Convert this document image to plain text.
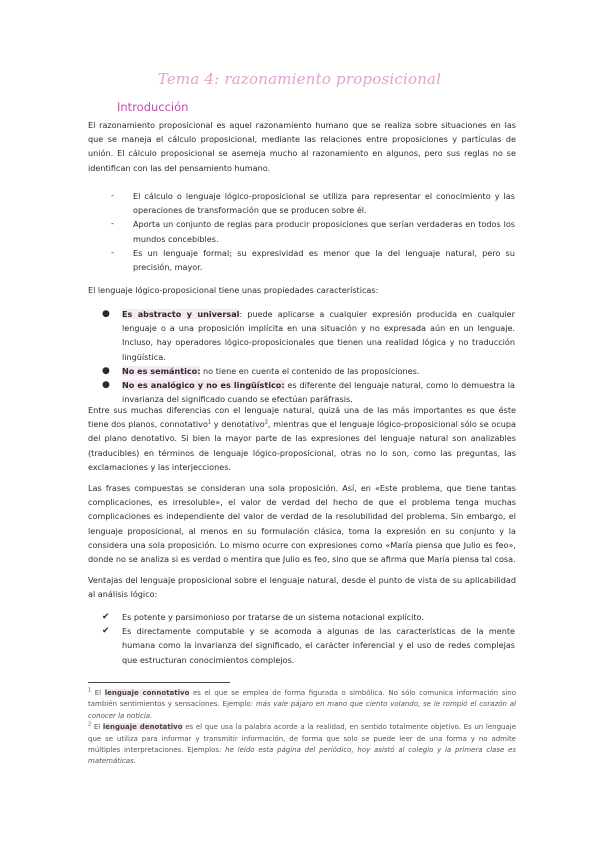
Tema 4: razonamiento proposicional
Introducción

El razonamiento proposicional es aquel razonamiento humano que se realiza sobre situaciones en las que se maneja el cálculo proposicional, mediante las relaciones entre proposiciones y partículas de unión. El cálculo proposicional se asemeja mucho al razonamiento en algunos, pero sus reglas no se identifican con las del pensamiento humano.

- El cálculo o lenguaje lógico-proposicional se utiliza para representar el conocimiento y las operaciones de transformación que se producen sobre él.
- Aporta un conjunto de reglas para producir proposiciones que serían verdaderas en todos los mundos concebibles.
- Es un lenguaje formal; su expresividad es menor que la del lenguaje natural, pero su precisión, mayor.

El lenguaje lógico-proposicional tiene unas propiedades características:

● Es abstracto y universal: puede aplicarse a cualquier expresión producida en cualquier lenguaje o a una proposición implícita en una situación y no expresada aún en un lenguaje. Incluso, hay operadores lógico-proposicionales que tienen una realidad lógica y no traducción lingüística.
● No es semántico: no tiene en cuenta el contenido de las proposiciones.
● No es analógico y no es lingüístico: es diferente del lenguaje natural, como lo demuestra la invarianza del significado cuando se efectúan paráfrasis.

Entre sus muchas diferencias con el lenguaje natural, quizá una de las más importantes es que éste tiene dos planos, connotativo$^1$ y denotativo$^2$, mientras que el lenguaje lógico-proposicional sólo se ocupa del plano denotativo. Si bien la mayor parte de las expresiones del lenguaje natural son analizables (traducibles) en términos de lenguaje lógico-proposicional, otras no lo son, como las preguntas, las exclamaciones y las interjecciones.

Las frases compuestas se consideran una sola proposición. Así, en «Este problema, que tiene tantas complicaciones, es irresoluble», el valor de verdad del hecho de que el problema tenga muchas complicaciones es independiente del valor de verdad de la resolubilidad del problema. Sin embargo, el lenguaje proposicional, al menos en su formulación clásica, toma la expresión en su conjunto y la considera una sola proposición. Lo mismo ocurre con expresiones como «María piensa que Julio es feo», donde no se analiza si es verdad o mentira que Julio es feo, sino que se afirma que María piensa tal cosa.

Ventajas del lenguaje proposicional sobre el lenguaje natural, desde el punto de vista de su aplicabilidad al análisis lógico:

✔ Es potente y parsimonioso por tratarse de un sistema notacional explícito.
✔ Es directamente computable y se acomoda a algunas de las características de la mente humana como la invarianza del significado, el carácter inferencial y el uso de redes complejas que estructuran conocimientos complejos.

$^1$ El lenguaje connotativo es el que se emplea de forma figurada o simbólica. No sólo comunica información sino también sentimientos y sensaciones. Ejemplo: más vale pájaro en mano que ciento volando, se le rompió el corazón al conocer la noticia.

$^2$ El lenguaje denotativo es el que usa la palabra acorde a la realidad, en sentido totalmente objetivo. Es un lenguaje que se utiliza para informar y transmitir información, de forma que solo se puede leer de una forma y no admite múltiples interpretaciones. Ejemplos: he leído esta página del periódico, hoy asistó al colegio y la primera clase es matemáticas.
